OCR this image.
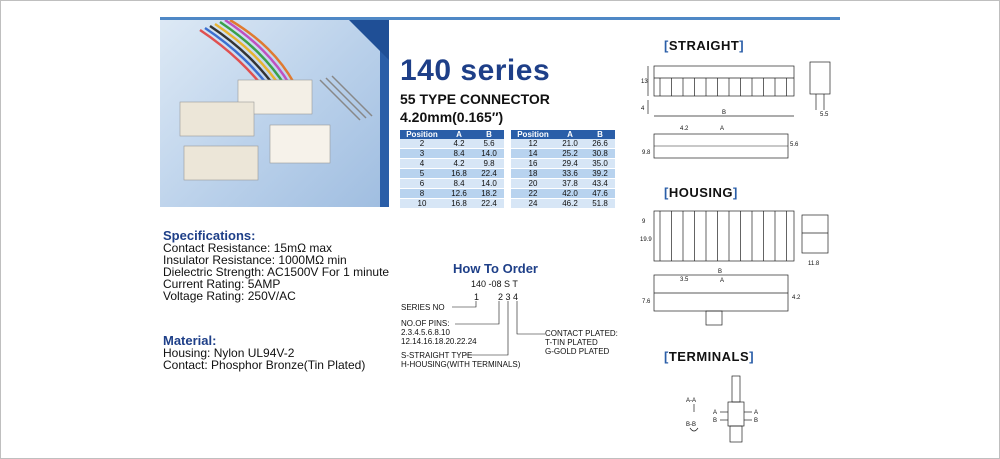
140 series
55 TYPE CONNECTOR
4.20mm(0.165″)
Position	A	B
2	4.2	5.6
3	8.4	14.0
4	4.2	9.8
5	16.8	22.4
6	8.4	14.0
8	12.6	18.2
10	16.8	22.4
Position	A	B
12	21.0	26.6
14	25.2	30.8
16	29.4	35.0
18	33.6	39.2
20	37.8	43.4
22	42.0	47.6
24	46.2	51.8
Specifications:
Contact Resistance: 15mΩ max
Insulator Resistance: 1000MΩ min
Dielectric Strength: AC1500V For 1 minute
Current Rating: 5AMP
Voltage Rating: 250V/AC
Material:
Housing: Nylon UL94V-2
Contact: Phosphor Bronze(Tin Plated)
How To Order
140 -08 S T
1 2 3 4
SERIES NO
NO.OF PINS:
2.3.4.5.6.8.10
12.14.16.18.20.22.24
S-STRAIGHT TYPE
H-HOUSING(WITH TERMINALS)
CONTACT PLATED:
T-TIN PLATED
G-GOLD PLATED
[STRAIGHT]
13
4
B	5.5
4.2	A
9.8
5.6
[HOUSING]
9
19.9
11.8
B
3.5	A
7.6
4.2
[TERMINALS]
A-A
B-B
A
B
A
B
